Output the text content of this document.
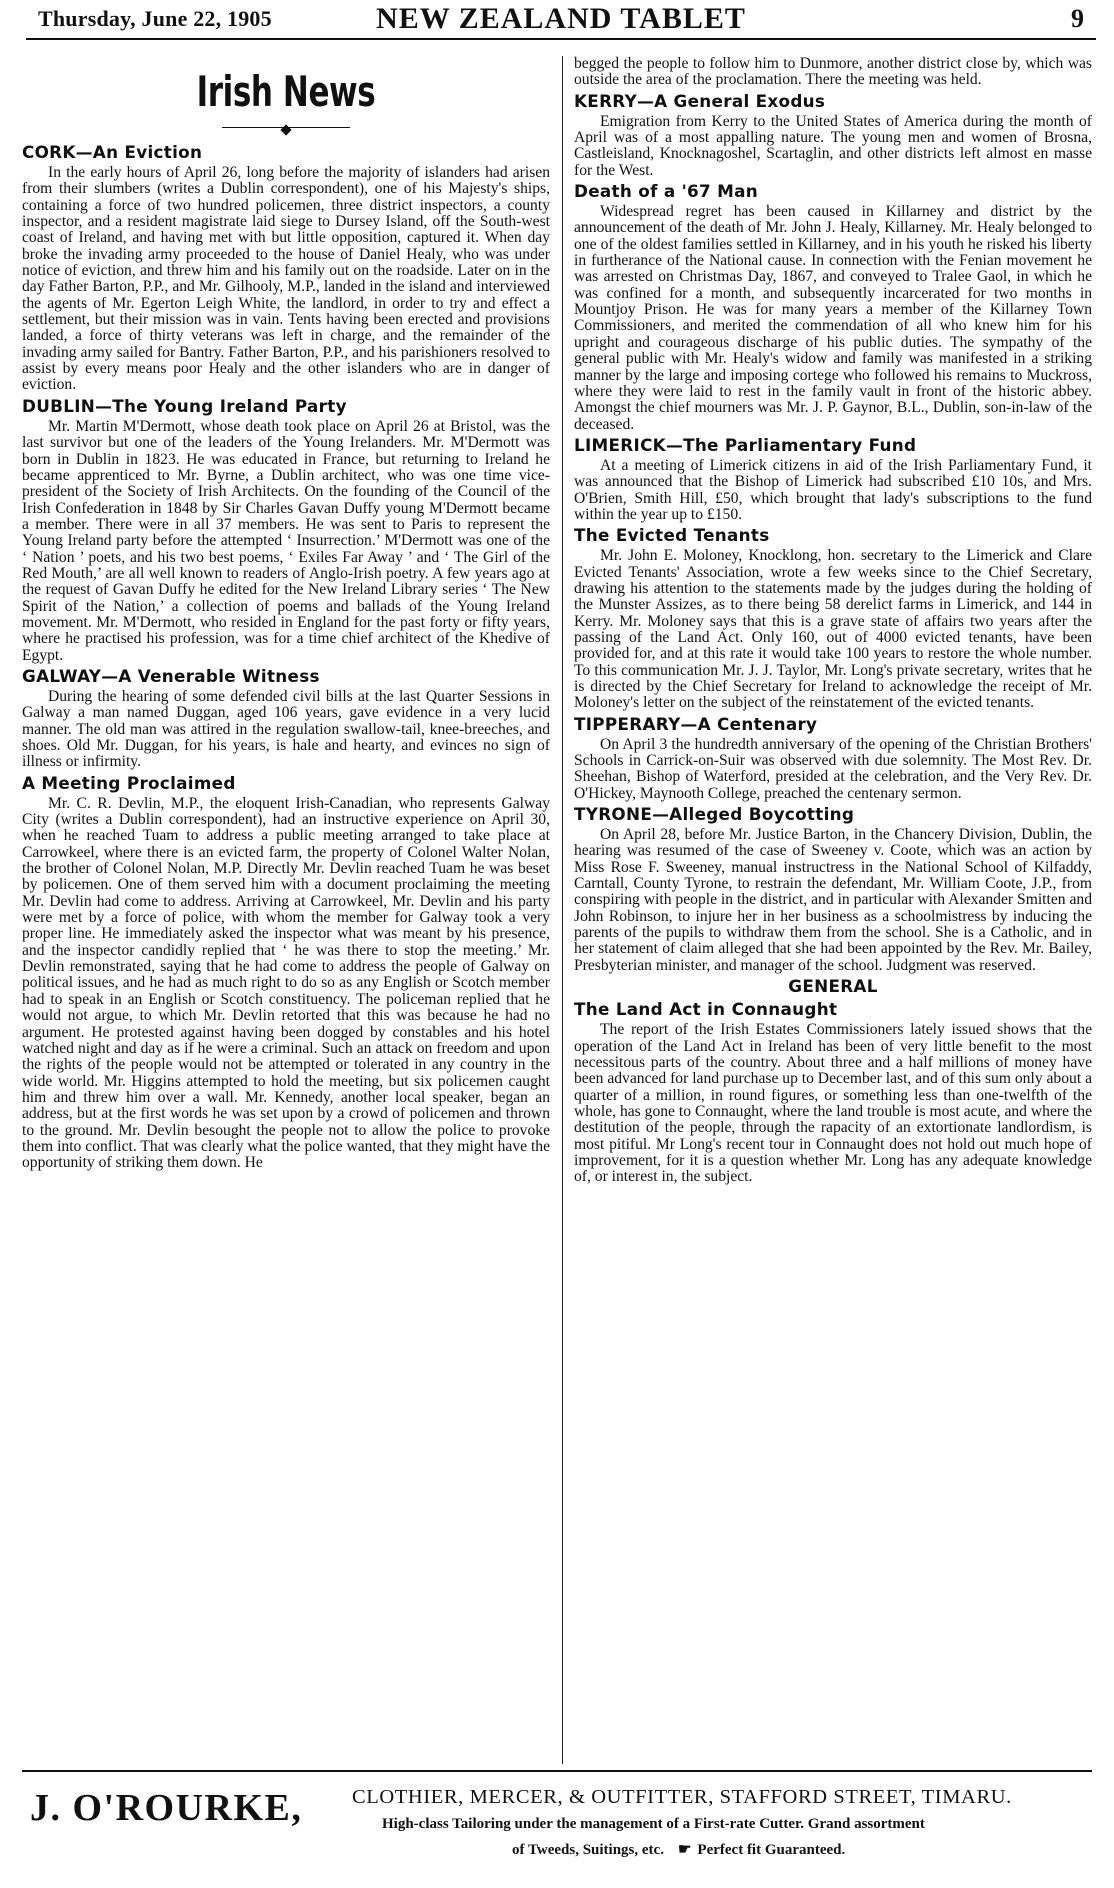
Thursday, June 22, 1905	NEW ZEALAND TABLET	9
Irish News
CORK—An Eviction

In the early hours of April 26, long before the majority of islanders had arisen from their slumbers (writes a Dublin correspondent), one of his Majesty's ships, containing a force of two hundred policemen, three district inspectors, a county inspector, and a resident magistrate laid siege to Dursey Island, off the South-west coast of Ireland, and having met with but little opposition, captured it. When day broke the invading army proceeded to the house of Daniel Healy, who was under notice of eviction, and threw him and his family out on the roadside. Later on in the day Father Barton, P.P., and Mr. Gilhooly, M.P., landed in the island and interviewed the agents of Mr. Egerton Leigh White, the landlord, in order to try and effect a settlement, but their mission was in vain. Tents having been erected and provisions landed, a force of thirty veterans was left in charge, and the remainder of the invading army sailed for Bantry. Father Barton, P.P., and his parishioners resolved to assist by every means poor Healy and the other islanders who are in danger of eviction.

DUBLIN—The Young Ireland Party

Mr. Martin M'Dermott, whose death took place on April 26 at Bristol, was the last survivor but one of the leaders of the Young Irelanders. Mr. M'Dermott was born in Dublin in 1823. He was educated in France, but returning to Ireland he became apprenticed to Mr. Byrne, a Dublin architect, who was one time vice-president of the Society of Irish Architects. On the founding of the Council of the Irish Confederation in 1848 by Sir Charles Gavan Duffy young M'Dermott became a member. There were in all 37 members. He was sent to Paris to represent the Young Ireland party before the attempted ‘ Insurrection.’ M'Dermott was one of the ‘ Nation ’ poets, and his two best poems, ‘ Exiles Far Away ’ and ‘ The Girl of the Red Mouth,’ are all well known to readers of Anglo-Irish poetry. A few years ago at the request of Gavan Duffy he edited for the New Ireland Library series ‘ The New Spirit of the Nation,’ a collection of poems and ballads of the Young Ireland movement. Mr. M'Dermott, who resided in England for the past forty or fifty years, where he practised his profession, was for a time chief architect of the Khedive of Egypt.

GALWAY—A Venerable Witness

During the hearing of some defended civil bills at the last Quarter Sessions in Galway a man named Duggan, aged 106 years, gave evidence in a very lucid manner. The old man was attired in the regulation swallow-tail, knee-breeches, and shoes. Old Mr. Duggan, for his years, is hale and hearty, and evinces no sign of illness or infirmity.

A Meeting Proclaimed

Mr. C. R. Devlin, M.P., the eloquent Irish-Canadian, who represents Galway City (writes a Dublin correspondent), had an instructive experience on April 30, when he reached Tuam to address a public meeting arranged to take place at Carrowkeel, where there is an evicted farm, the property of Colonel Walter Nolan, the brother of Colonel Nolan, M.P. Directly Mr. Devlin reached Tuam he was beset by policemen. One of them served him with a document proclaiming the meeting Mr. Devlin had come to address. Arriving at Carrowkeel, Mr. Devlin and his party were met by a force of police, with whom the member for Galway took a very proper line. He immediately asked the inspector what was meant by his presence, and the inspector candidly replied that ‘ he was there to stop the meeting.’ Mr. Devlin remonstrated, saying that he had come to address the people of Galway on political issues, and he had as much right to do so as any English or Scotch member had to speak in an English or Scotch constituency. The policeman replied that he would not argue, to which Mr. Devlin retorted that this was because he had no argument. He protested against having been dogged by constables and his hotel watched night and day as if he were a criminal. Such an attack on freedom and upon the rights of the people would not be attempted or tolerated in any country in the wide world. Mr. Higgins attempted to hold the meeting, but six policemen caught him and threw him over a wall. Mr. Kennedy, another local speaker, began an address, but at the first words he was set upon by a crowd of policemen and thrown to the ground. Mr. Devlin besought the people not to allow the police to provoke them into conflict. That was clearly what the police wanted, that they might have the opportunity of striking them down. He

begged the people to follow him to Dunmore, another district close by, which was outside the area of the proclamation. There the meeting was held.

KERRY—A General Exodus

Emigration from Kerry to the United States of America during the month of April was of a most appalling nature. The young men and women of Brosna, Castleisland, Knocknagoshel, Scartaglin, and other districts left almost en masse for the West.

Death of a '67 Man

Widespread regret has been caused in Killarney and district by the announcement of the death of Mr. John J. Healy, Killarney. Mr. Healy belonged to one of the oldest families settled in Killarney, and in his youth he risked his liberty in furtherance of the National cause. In connection with the Fenian movement he was arrested on Christmas Day, 1867, and conveyed to Tralee Gaol, in which he was confined for a month, and subsequently incarcerated for two months in Mountjoy Prison. He was for many years a member of the Killarney Town Commissioners, and merited the commendation of all who knew him for his upright and courageous discharge of his public duties. The sympathy of the general public with Mr. Healy's widow and family was manifested in a striking manner by the large and imposing cortege who followed his remains to Muckross, where they were laid to rest in the family vault in front of the historic abbey. Amongst the chief mourners was Mr. J. P. Gaynor, B.L., Dublin, son-in-law of the deceased.

LIMERICK—The Parliamentary Fund

At a meeting of Limerick citizens in aid of the Irish Parliamentary Fund, it was announced that the Bishop of Limerick had subscribed £10 10s, and Mrs. O'Brien, Smith Hill, £50, which brought that lady's subscriptions to the fund within the year up to £150.

The Evicted Tenants

Mr. John E. Moloney, Knocklong, hon. secretary to the Limerick and Clare Evicted Tenants' Association, wrote a few weeks since to the Chief Secretary, drawing his attention to the statements made by the judges during the holding of the Munster Assizes, as to there being 58 derelict farms in Limerick, and 144 in Kerry. Mr. Moloney says that this is a grave state of affairs two years after the passing of the Land Act. Only 160, out of 4000 evicted tenants, have been provided for, and at this rate it would take 100 years to restore the whole number. To this communication Mr. J. J. Taylor, Mr. Long's private secretary, writes that he is directed by the Chief Secretary for Ireland to acknowledge the receipt of Mr. Moloney's letter on the subject of the reinstatement of the evicted tenants.

TIPPERARY—A Centenary

On April 3 the hundredth anniversary of the opening of the Christian Brothers' Schools in Carrick-on-Suir was observed with due solemnity. The Most Rev. Dr. Sheehan, Bishop of Waterford, presided at the celebration, and the Very Rev. Dr. O'Hickey, Maynooth College, preached the centenary sermon.

TYRONE—Alleged Boycotting

On April 28, before Mr. Justice Barton, in the Chancery Division, Dublin, the hearing was resumed of the case of Sweeney v. Coote, which was an action by Miss Rose F. Sweeney, manual instructress in the National School of Kilfaddy, Carntall, County Tyrone, to restrain the defendant, Mr. William Coote, J.P., from conspiring with people in the district, and in particular with Alexander Smitten and John Robinson, to injure her in her business as a schoolmistress by inducing the parents of the pupils to withdraw them from the school. She is a Catholic, and in her statement of claim alleged that she had been appointed by the Rev. Mr. Bailey, Presbyterian minister, and manager of the school. Judgment was reserved.

GENERAL
The Land Act in Connaught

The report of the Irish Estates Commissioners lately issued shows that the operation of the Land Act in Ireland has been of very little benefit to the most necessitous parts of the country. About three and a half millions of money have been advanced for land purchase up to December last, and of this sum only about a quarter of a million, in round figures, or something less than one-twelfth of the whole, has gone to Connaught, where the land trouble is most acute, and where the destitution of the people, through the rapacity of an extortionate landlordism, is most pitiful. Mr Long's recent tour in Connaught does not hold out much hope of improvement, for it is a question whether Mr. Long has any adequate knowledge of, or interest in, the subject.

J. O'ROURKE, CLOTHIER, MERCER, & OUTFITTER, STAFFORD STREET, TIMARU.
High-class Tailoring under the management of a First-rate Cutter. Grand assortment
of Tweeds, Suitings, etc. ☛ Perfect fit Guaranteed.
